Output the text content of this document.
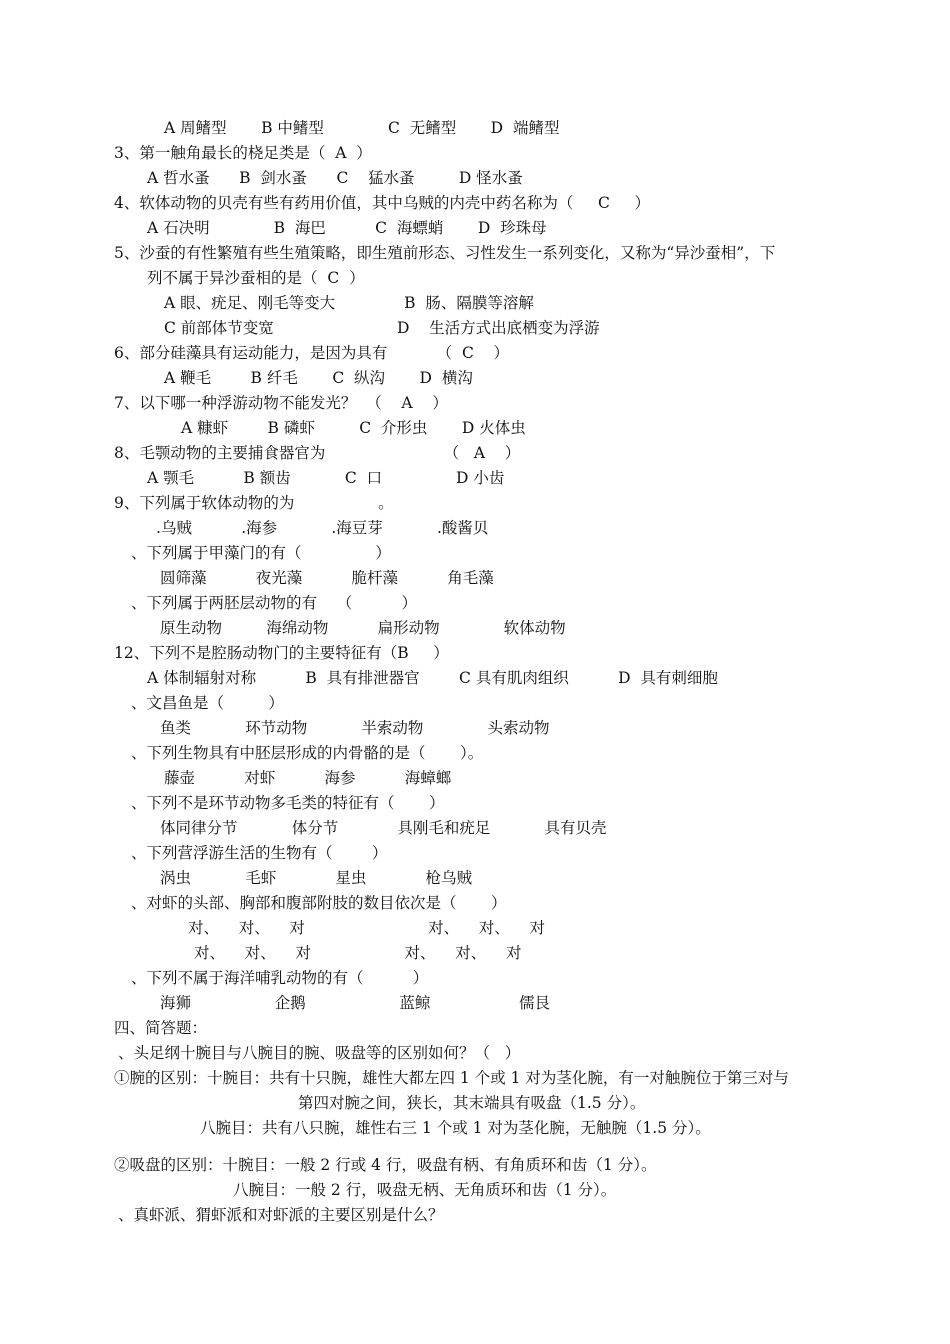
A 周鳍型       B 中鳍型             C  无鳍型       D  端鳍型
3、第一触角最长的桡足类是（  A  ）
A 哲水蚤      B  剑水蚤      C    猛水蚤         D 怪水蚤
4、软体动物的贝壳有些有药用价值，其中乌贼的内壳中药名称为（     C     ）
A 石决明             B  海巴          C  海螵蛸       D  珍珠母
5、沙蚕的有性繁殖有些生殖策略，即生殖前形态、习性发生一系列变化，又称为“异沙蚕相”，下
列不属于异沙蚕相的是（  C  ）
A 眼、疣足、刚毛等变大              B  肠、隔膜等溶解
C 前部体节变宽                         D    生活方式出底栖变为浮游
6、部分硅藻具有运动能力，是因为具有          （  C    ）
A 鞭毛        B 纤毛       C  纵沟       D  横沟
7、以下哪一种浮游动物不能发光？  （    A    ）
A 糠虾        B 磷虾         C  介形虫       D 火体虫
8、毛颚动物的主要捕食器官为                        （   A    ）
A 颚毛          B 额齿           C  口               D 小齿
9、下列属于软体动物的为                 。
.乌贼          .海参           .海豆芽           .酸酱贝
、下列属于甲藻门的有（               ）
圆筛藻          夜光藻          脆杆藻          角毛藻
、下列属于两胚层动物的有    （          ）
原生动物         海绵动物          扁形动物             软体动物
12、下列不是腔肠动物门的主要特征有（B     ）
A 体制辐射对称          B  具有排泄器官        C 具有肌肉组织          D  具有刺细胞
、文昌鱼是（         ）
鱼类           环节动物           半索动物             头索动物
、下列生物具有中胚层形成的内骨骼的是（       ）。
藤壶          对虾          海参          海蟑螂
、下列不是环节动物多毛类的特征有（       ）
体同律分节           体分节            具刚毛和疣足           具有贝壳
、下列营浮游生活的生物有（        ）
涡虫           毛虾            星虫            枪乌贼
、对虾的头部、胸部和腹部附肢的数目依次是（       ）
对、    对、    对                         对、    对、    对
对、    对、    对                   对、    对、    对
、下列不属于海洋哺乳动物的有（          ）
海狮                 企鹅                   蓝鲸                  儒艮
四、简答题：
、头足纲十腕目与八腕目的腕、吸盘等的区别如何？（   ）
①腕的区别：十腕目：共有十只腕，雄性大都左四 1 个或 1 对为茎化腕，有一对触腕位于第三对与
第四对腕之间，狭长，其末端具有吸盘（1.5 分）。
八腕目：共有八只腕，雄性右三 1 个或 1 对为茎化腕，无触腕（1.5 分）。
②吸盘的区别：十腕目：一般 2 行或 4 行，吸盘有柄、有角质环和齿（1 分）。
八腕目：一般 2 行，吸盘无柄、无角质环和齿（1 分）。
、真虾派、猬虾派和对虾派的主要区别是什么？
